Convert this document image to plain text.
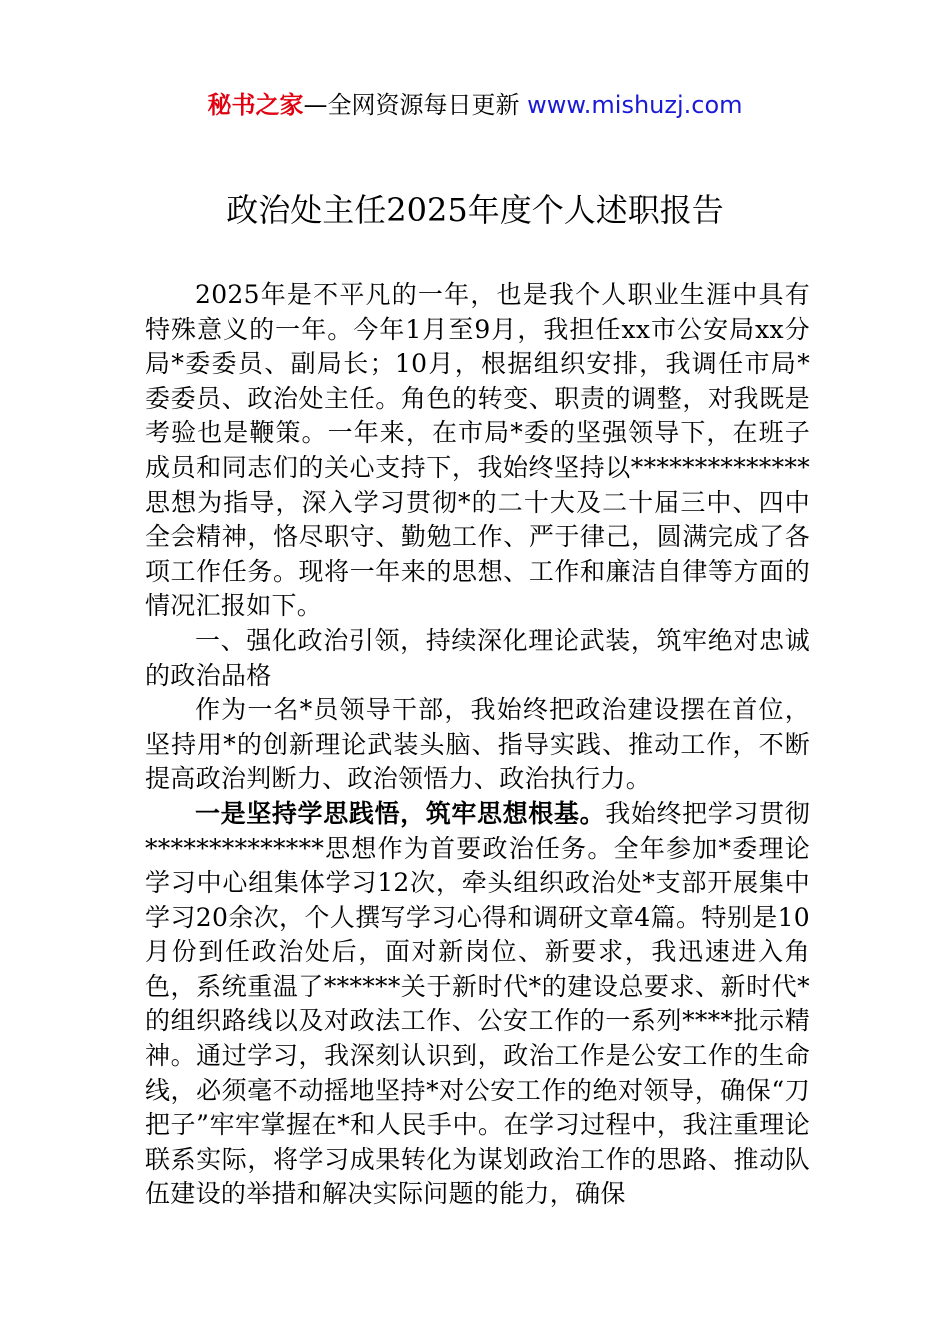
秘书之家—全网资源每日更新 www.mishuzj.com
政治处主任2025年度个人述职报告

2025年是不平凡的一年，也是我个人职业生涯中具有特殊意义的一年。今年1月至9月，我担任xx市公安局xx分局*委委员、副局长；10月，根据组织安排，我调任市局*委委员、政治处主任。角色的转变、职责的调整，对我既是考验也是鞭策。一年来，在市局*委的坚强领导下，在班子成员和同志们的关心支持下，我始终坚持以**************思想为指导，深入学习贯彻*的二十大及二十届三中、四中全会精神，恪尽职守、勤勉工作、严于律己，圆满完成了各项工作任务。现将一年来的思想、工作和廉洁自律等方面的情况汇报如下。

一、强化政治引领，持续深化理论武装，筑牢绝对忠诚的政治品格

作为一名*员领导干部，我始终把政治建设摆在首位，坚持用*的创新理论武装头脑、指导实践、推动工作，不断提高政治判断力、政治领悟力、政治执行力。

一是坚持学思践悟，筑牢思想根基。我始终把学习贯彻**************思想作为首要政治任务。全年参加*委理论学习中心组集体学习12次，牵头组织政治处*支部开展集中学习20余次，个人撰写学习心得和调研文章4篇。特别是10月份到任政治处后，面对新岗位、新要求，我迅速进入角色，系统重温了******关于新时代*的建设总要求、新时代*的组织路线以及对政法工作、公安工作的一系列****批示精神。通过学习，我深刻认识到，政治工作是公安工作的生命线，必须毫不动摇地坚持*对公安工作的绝对领导，确保“刀把子”牢牢掌握在*和人民手中。在学习过程中，我注重理论联系实际，将学习成果转化为谋划政治工作的思路、推动队伍建设的举措和解决实际问题的能力，确保
